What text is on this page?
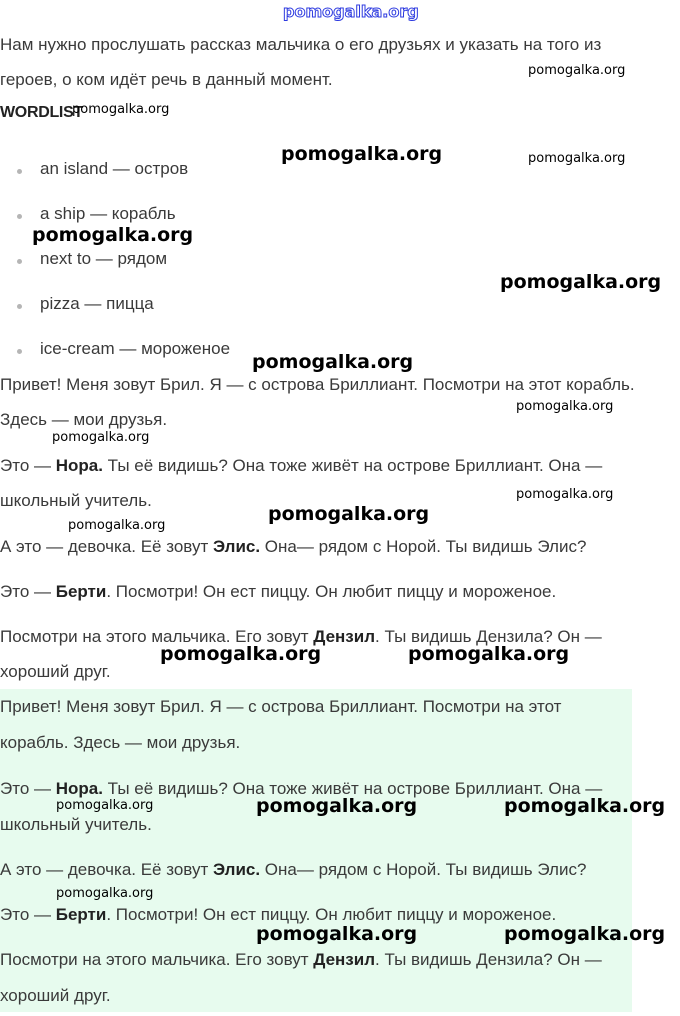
pomogalka.org

Нам нужно прослушать рассказ мальчика о его друзьях и указать на того из

героев, о ком идёт речь в данный момент.

WORDLIST
an island — остров
a ship — корабль
next to — рядом
pizza — пицца
ice-cream — мороженое

Привет! Меня зовут Брил. Я — с острова Бриллиант. Посмотри на этот корабль.

Здесь — мои друзья.

Это — Нора. Ты её видишь? Она тоже живёт на острове Бриллиант. Она —

школьный учитель.

А это — девочка. Её зовут Элис. Она— рядом с Норой. Ты видишь Элис?

Это — Берти. Посмотри! Он ест пиццу. Он любит пиццу и мороженое.

Посмотри на этого мальчика. Его зовут Дензил. Ты видишь Дензила? Он —

хороший друг.

Привет! Меня зовут Брил. Я — с острова Бриллиант. Посмотри на этот

корабль. Здесь — мои друзья.

Это — Нора. Ты её видишь? Она тоже живёт на острове Бриллиант. Она —

школьный учитель.

А это — девочка. Её зовут Элис. Она— рядом с Норой. Ты видишь Элис?

Это — Берти. Посмотри! Он ест пиццу. Он любит пиццу и мороженое.

Посмотри на этого мальчика. Его зовут Дензил. Ты видишь Дензила? Он —

хороший друг.

pomogalka.org
pomogalka.org
pomogalka.org	pomogalka.org
pomogalka.org
pomogalka.org
pomogalka.org
pomogalka.org
pomogalka.org
pomogalka.org
pomogalka.org
pomogalka.org
pomogalka.org	pomogalka.org
pomogalka.org	pomogalka.org	pomogalka.org
pomogalka.org
pomogalka.org	pomogalka.org
